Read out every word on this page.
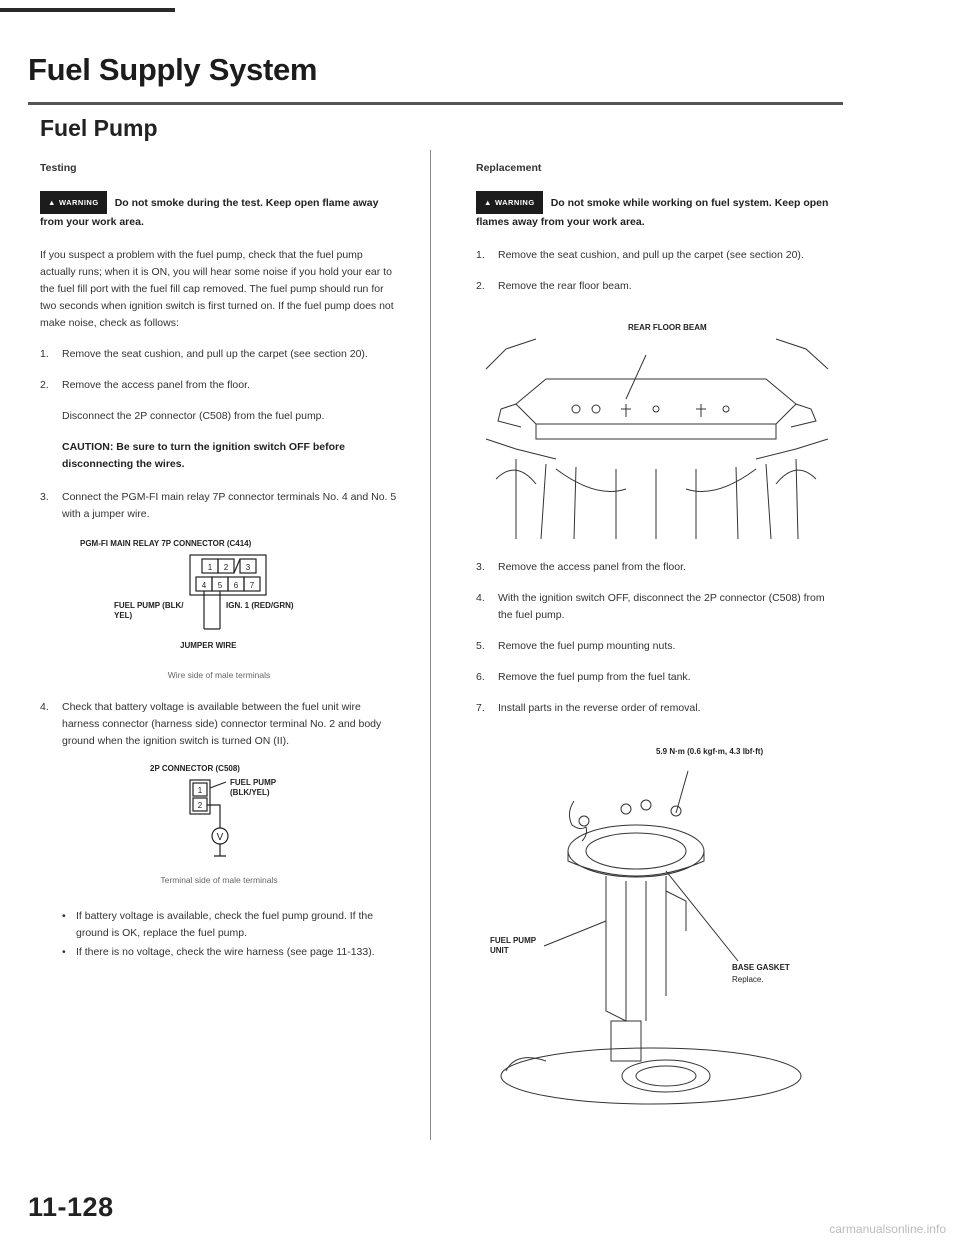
Fuel Supply System
Fuel Pump
Testing
▲ WARNING Do not smoke during the test. Keep open flame away from your work area.
If you suspect a problem with the fuel pump, check that the fuel pump actually runs; when it is ON, you will hear some noise if you hold your ear to the fuel fill port with the fuel fill cap removed. The fuel pump should run for two seconds when ignition switch is first turned on. If the fuel pump does not make noise, check as follows:
1. Remove the seat cushion, and pull up the carpet (see section 20).
2. Remove the access panel from the floor.
Disconnect the 2P connector (C508) from the fuel pump.
CAUTION: Be sure to turn the ignition switch OFF before disconnecting the wires.
3. Connect the PGM-FI main relay 7P connector terminals No. 4 and No. 5 with a jumper wire.
PGM-FI MAIN RELAY 7P CONNECTOR (C414)
1 2 3
4 5 6 7
FUEL PUMP (BLK/ YEL)
IGN. 1 (RED/GRN)
JUMPER WIRE
Wire side of male terminals
4. Check that battery voltage is available between the fuel unit wire harness connector (harness side) connector terminal No. 2 and body ground when the ignition switch is turned ON (II).
2P CONNECTOR (C508)
1
2
V
FUEL PUMP (BLK/YEL)
Terminal side of male terminals
• If battery voltage is available, check the fuel pump ground. If the ground is OK, replace the fuel pump.
• If there is no voltage, check the wire harness (see page 11-133).
Replacement
▲ WARNING Do not smoke while working on fuel system. Keep open flames away from your work area.
1. Remove the seat cushion, and pull up the carpet (see section 20).
2. Remove the rear floor beam.
REAR FLOOR BEAM
3. Remove the access panel from the floor.
4. With the ignition switch OFF, disconnect the 2P connector (C508) from the fuel pump.
5. Remove the fuel pump mounting nuts.
6. Remove the fuel pump from the fuel tank.
7. Install parts in the reverse order of removal.
5.9 N·m (0.6 kgf·m, 4.3 lbf·ft)
FUEL PUMP UNIT
BASE GASKET
Replace.
11-128
carmanualsonline.info
